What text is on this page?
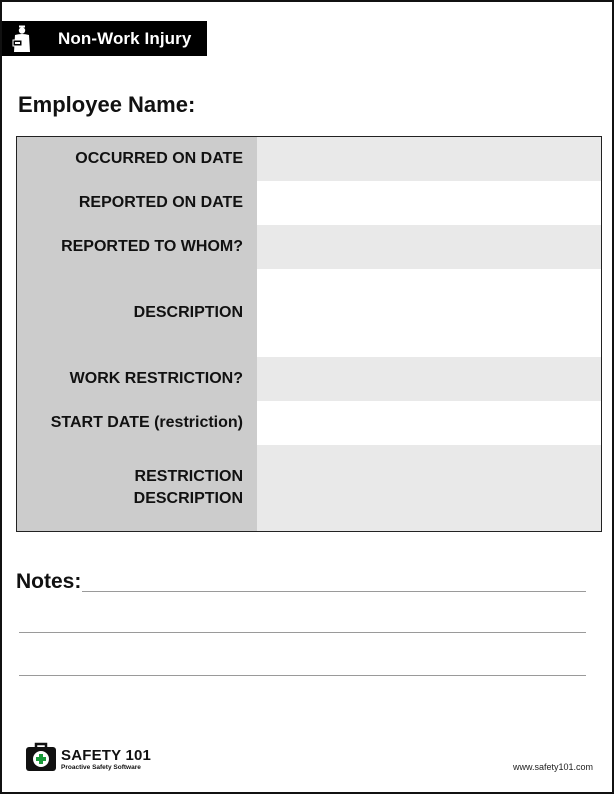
Non-Work Injury
Employee Name:
OCCURRED ON DATE
REPORTED ON DATE
REPORTED TO WHOM?
DESCRIPTION
WORK RESTRICTION?
START DATE (restriction)
RESTRICTION
DESCRIPTION
Notes:
SAFETY 101
Proactive Safety Software	www.safety101.com
